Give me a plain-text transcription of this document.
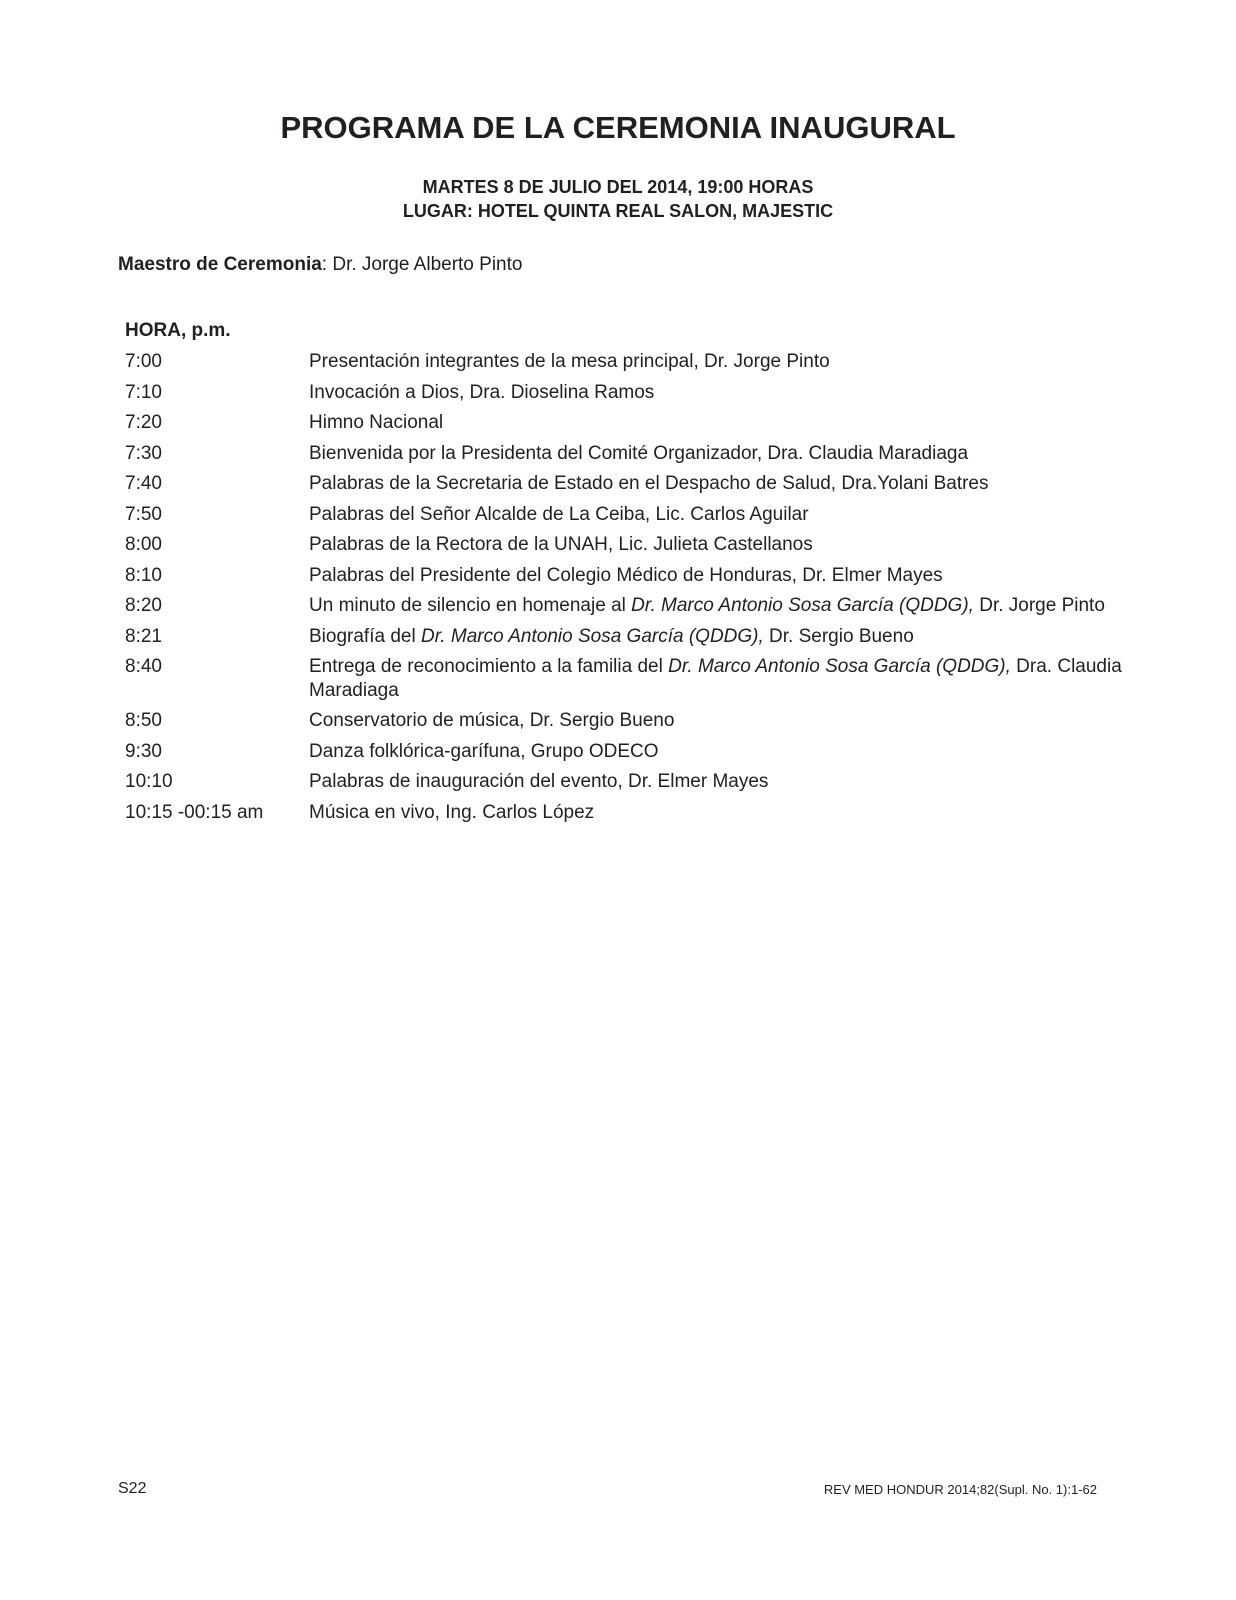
PROGRAMA DE LA CEREMONIA INAUGURAL
MARTES 8 DE JULIO DEL 2014, 19:00 HORAS
LUGAR: HOTEL QUINTA REAL SALON, MAJESTIC
Maestro de Ceremonia: Dr. Jorge Alberto Pinto
HORA, p.m.
7:00	Presentación integrantes de la mesa principal, Dr. Jorge Pinto
7:10	Invocación a Dios, Dra. Dioselina Ramos
7:20	Himno Nacional
7:30	Bienvenida por la Presidenta del Comité Organizador, Dra. Claudia Maradiaga
7:40	Palabras de la Secretaria de Estado en el Despacho de Salud, Dra.Yolani Batres
7:50	Palabras del Señor Alcalde de La Ceiba, Lic. Carlos Aguilar
8:00	Palabras de la Rectora de la UNAH, Lic. Julieta Castellanos
8:10	Palabras del Presidente del Colegio Médico de Honduras, Dr. Elmer Mayes
8:20	Un minuto de silencio en homenaje al Dr. Marco Antonio Sosa García (QDDG), Dr. Jorge Pinto
8:21	Biografía del Dr. Marco Antonio Sosa García (QDDG), Dr. Sergio Bueno
8:40	Entrega de reconocimiento a la familia del Dr. Marco Antonio Sosa García (QDDG), Dra. Claudia Maradiaga
8:50	Conservatorio de música, Dr. Sergio Bueno
9:30	Danza folklórica-garífuna, Grupo ODECO
10:10	Palabras de inauguración del evento, Dr. Elmer Mayes
10:15 -00:15 am	Música en vivo, Ing. Carlos López
S22	REV MED HONDUR 2014;82(Supl. No. 1):1-62
